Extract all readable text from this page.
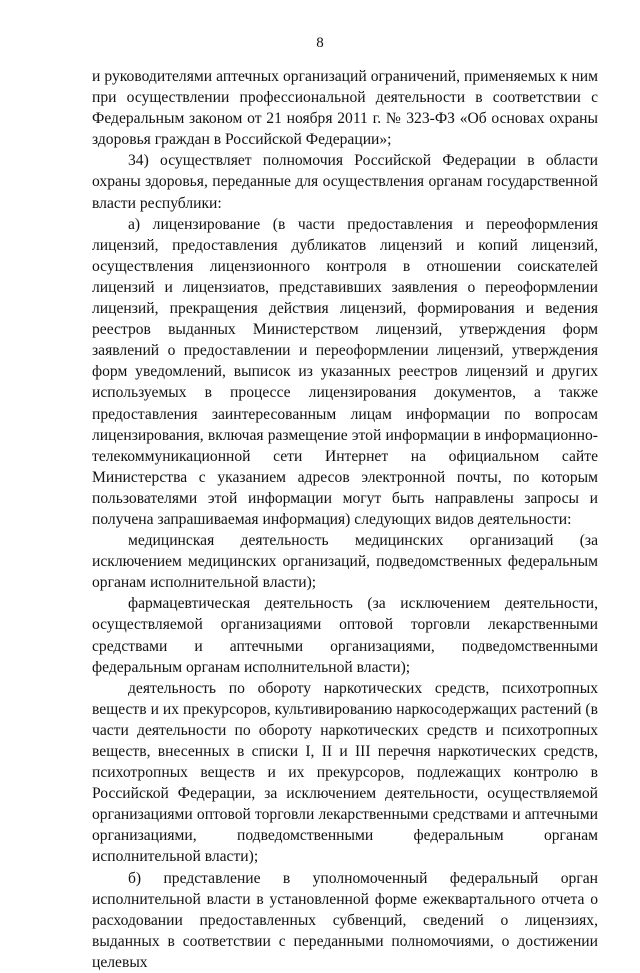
8

и руководителями аптечных организаций ограничений, применяемых к ним при осуществлении профессиональной деятельности в соответствии с Федеральным законом от 21 ноября 2011 г. № 323-ФЗ «Об основах охраны здоровья граждан в Российской Федерации»;

34) осуществляет полномочия Российской Федерации в области охраны здоровья, переданные для осуществления органам государственной власти республики:

а) лицензирование (в части предоставления и переоформления лицензий, предоставления дубликатов лицензий и копий лицензий, осуществления лицензионного контроля в отношении соискателей лицензий и лицензиатов, представивших заявления о переоформлении лицензий, прекращения действия лицензий, формирования и ведения реестров выданных Министерством лицензий, утверждения форм заявлений о предоставлении и переоформлении лицензий, утверждения форм уведомлений, выписок из указанных реестров лицензий и других используемых в процессе лицензирования документов, а также предоставления заинтересованным лицам информации по вопросам лицензирования, включая размещение этой информации в информационно-телекоммуникационной сети Интернет на официальном сайте Министерства с указанием адресов электронной почты, по которым пользователями этой информации могут быть направлены запросы и получена запрашиваемая информация) следующих видов деятельности:

медицинская деятельность медицинских организаций (за исключением медицинских организаций, подведомственных федеральным органам исполнительной власти);

фармацевтическая деятельность (за исключением деятельности, осуществляемой организациями оптовой торговли лекарственными средствами и аптечными организациями, подведомственными федеральным органам исполнительной власти);

деятельность по обороту наркотических средств, психотропных веществ и их прекурсоров, культивированию наркосодержащих растений (в части деятельности по обороту наркотических средств и психотропных веществ, внесенных в списки I, II и III перечня наркотических средств, психотропных веществ и их прекурсоров, подлежащих контролю в Российской Федерации, за исключением деятельности, осуществляемой организациями оптовой торговли лекарственными средствами и аптечными организациями, подведомственными федеральным органам исполнительной власти);

б) представление в уполномоченный федеральный орган исполнительной власти в установленной форме ежеквартального отчета о расходовании предоставленных субвенций, сведений о лицензиях, выданных в соответствии с переданными полномочиями, о достижении целевых
